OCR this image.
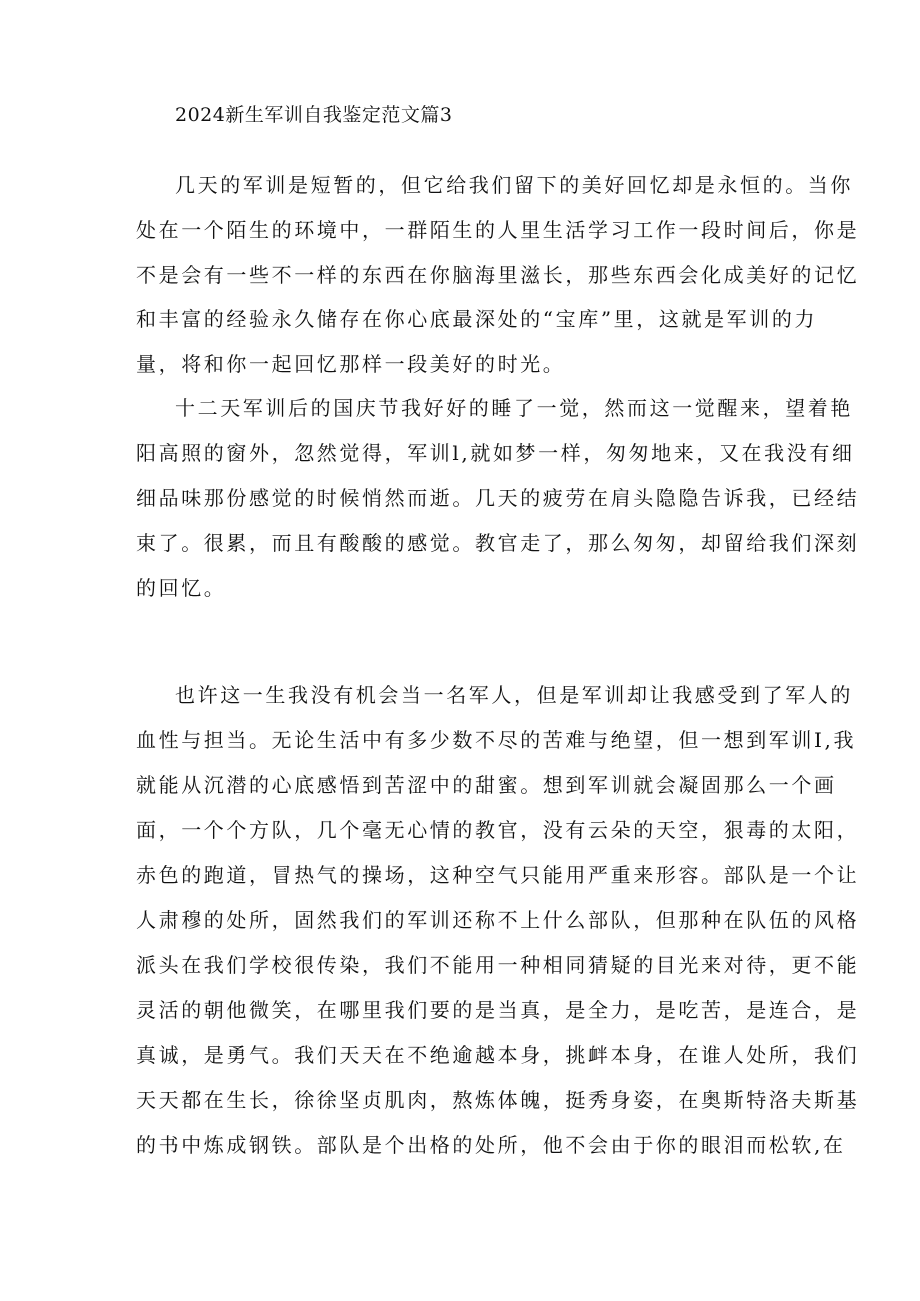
2024新生军训自我鉴定范文篇3
几天的军训是短暂的，但它给我们留下的美好回忆却是永恒的。当你
处在一个陌生的环境中，一群陌生的人里生活学习工作一段时间后，你是
不是会有一些不一样的东西在你脑海里滋长，那些东西会化成美好的记忆
和丰富的经验永久储存在你心底最深处的“宝库”里，这就是军训的力
量，将和你一起回忆那样一段美好的时光。
十二天军训后的国庆节我好好的睡了一觉，然而这一觉醒来，望着艳
阳高照的窗外，忽然觉得，军训l,就如梦一样，匆匆地来，又在我没有细
细品味那份感觉的时候悄然而逝。几天的疲劳在肩头隐隐告诉我，已经结
束了。很累，而且有酸酸的感觉。教官走了，那么匆匆，却留给我们深刻
的回忆。
也许这一生我没有机会当一名军人，但是军训却让我感受到了军人的
血性与担当。无论生活中有多少数不尽的苦难与绝望，但一想到军训I,我
就能从沉潜的心底感悟到苦涩中的甜蜜。想到军训就会凝固那么一个画
面，一个个方队，几个毫无心情的教官，没有云朵的天空，狠毒的太阳，
赤色的跑道，冒热气的操场，这种空气只能用严重来形容。部队是一个让
人肃穆的处所，固然我们的军训还称不上什么部队，但那种在队伍的风格
派头在我们学校很传染，我们不能用一种相同猜疑的目光来对待，更不能
灵活的朝他微笑，在哪里我们要的是当真，是全力，是吃苦，是连合，是
真诚，是勇气。我们天天在不绝逾越本身，挑衅本身，在谁人处所，我们
天天都在生长，徐徐坚贞肌肉，熬炼体魄，挺秀身姿，在奥斯特洛夫斯基
的书中炼成钢铁。部队是个出格的处所，他不会由于你的眼泪而松软,在
